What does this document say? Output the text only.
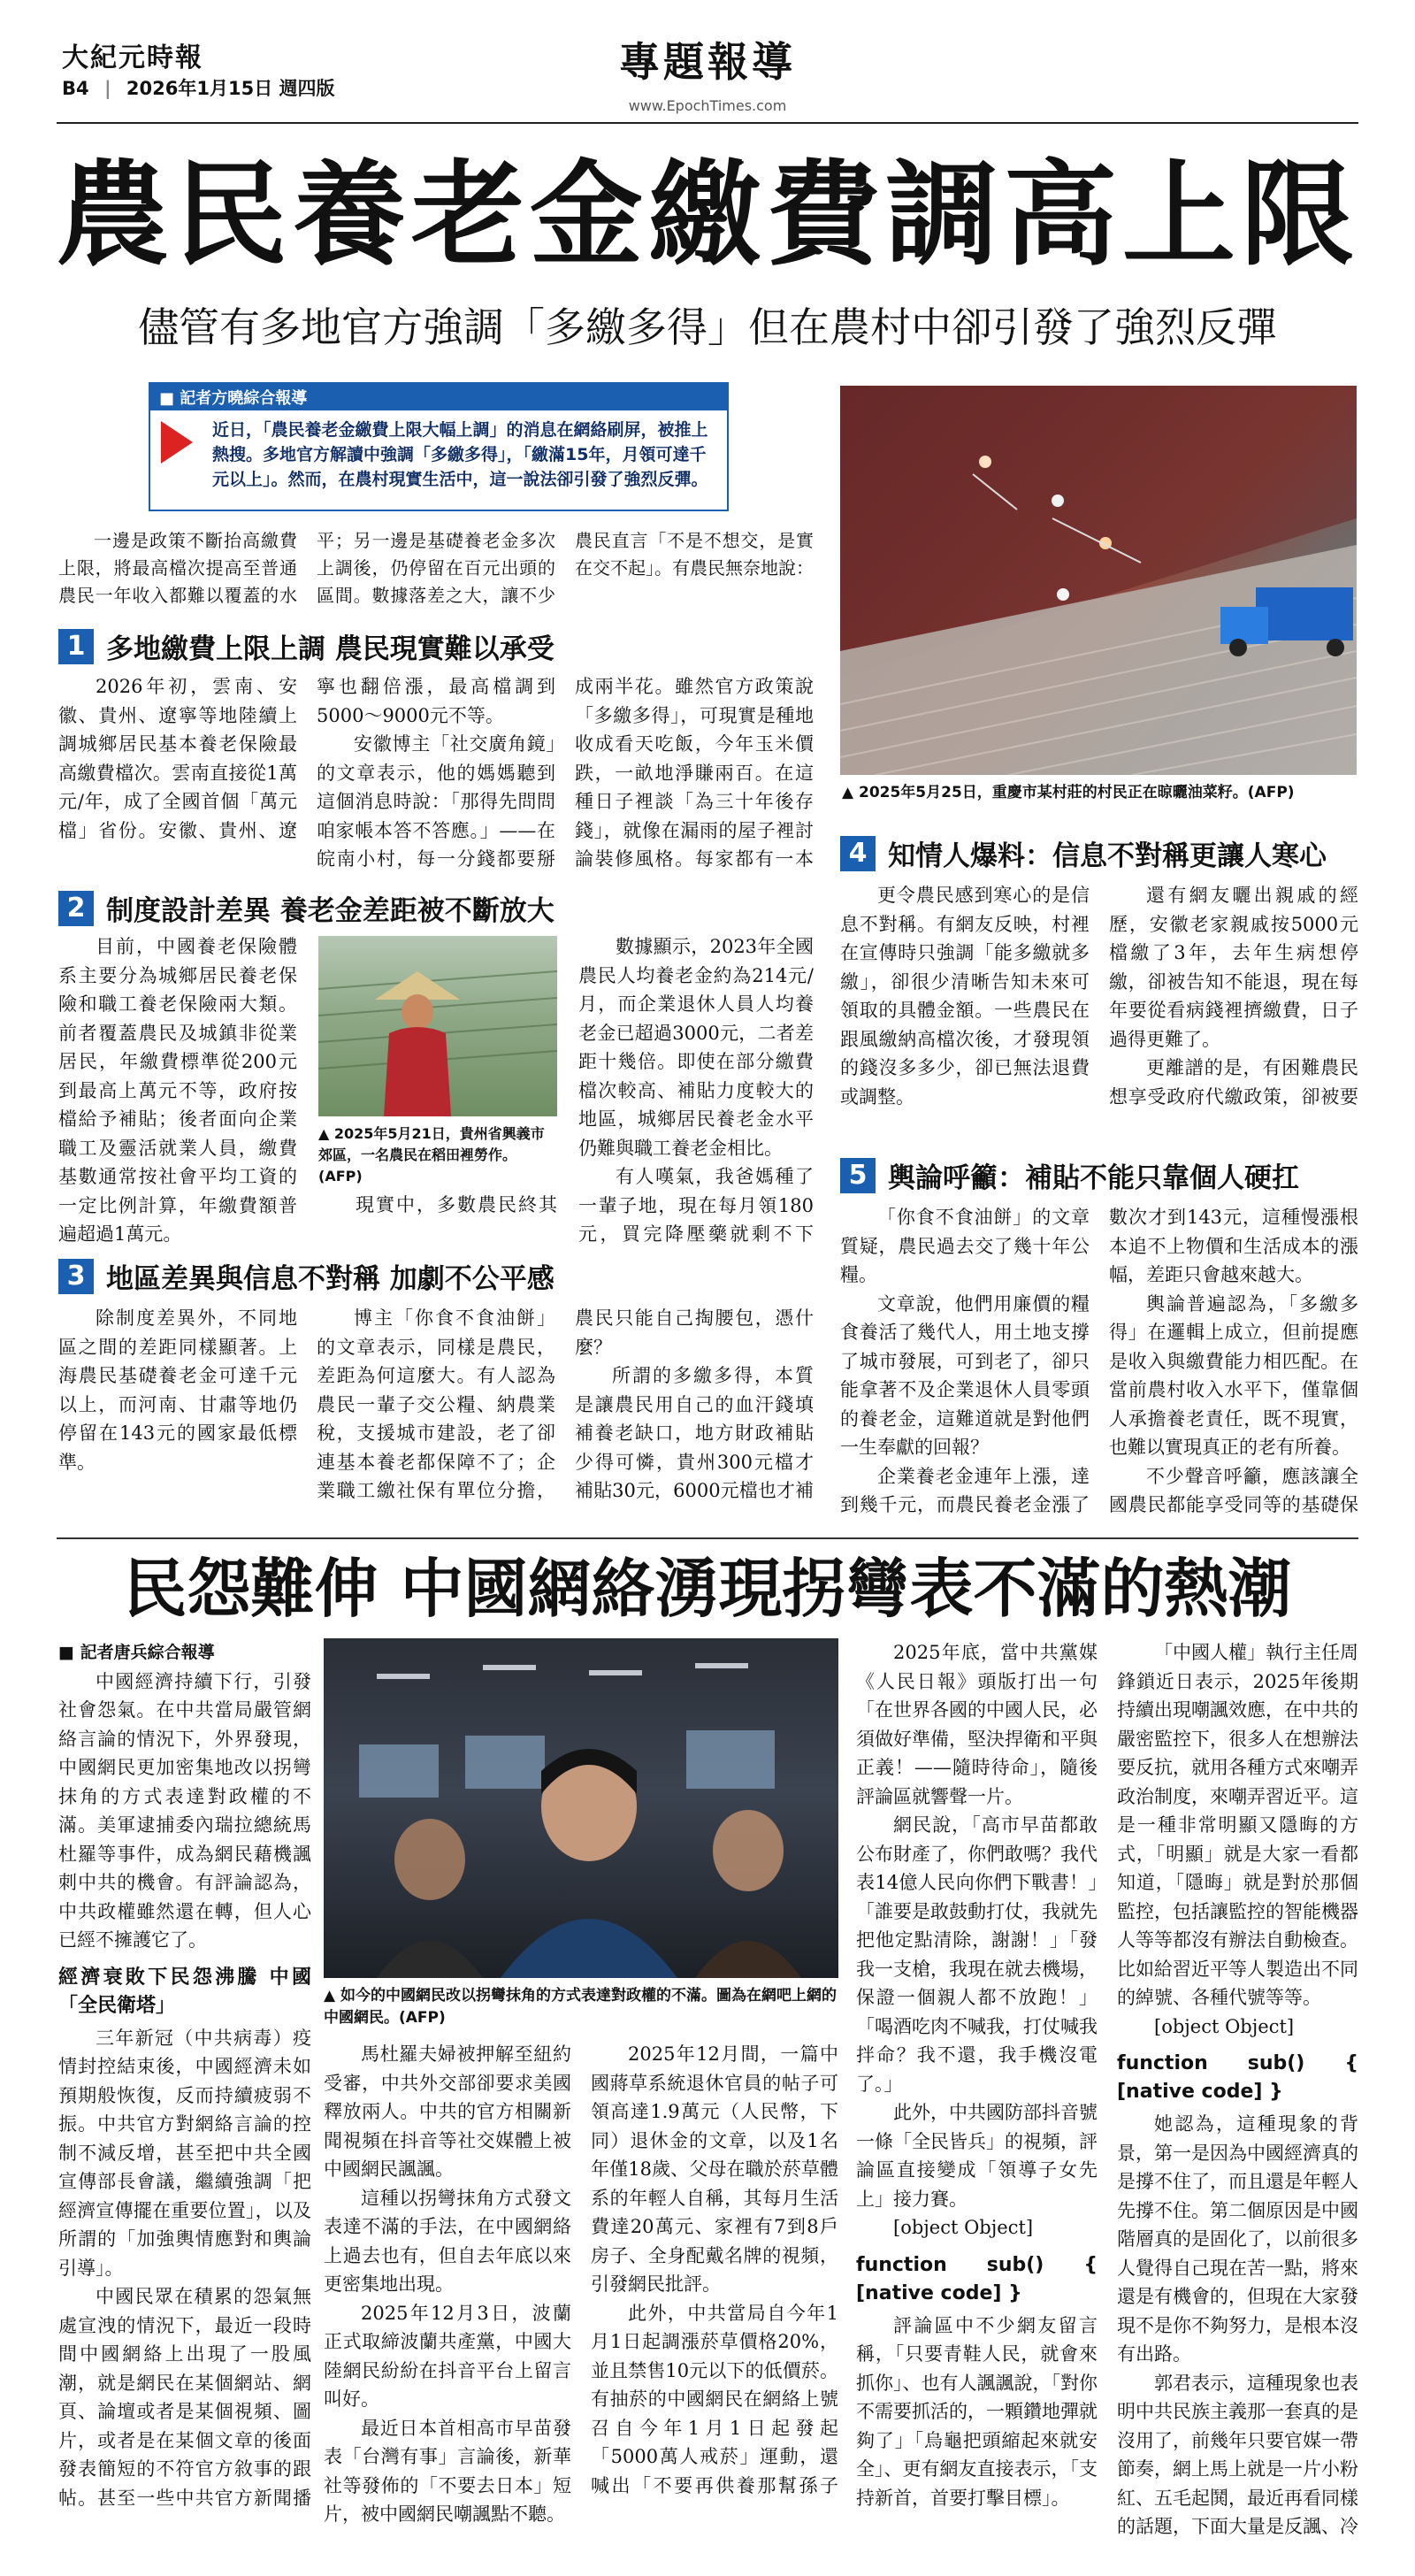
大紀元時報
B4 | 2026年1月15日 週四版
專題報導
www.EpochTimes.com
農民養老金繳費調高上限
儘管有多地官方強調「多繳多得」但在農村中卻引發了強烈反彈
■ 記者方曉綜合報導
近日，「農民養老金繳費上限大幅上調」的消息在網絡刷屏，被推上熱搜。多地官方解讀中強調「多繳多得」，「繳滿15年，月領可達千元以上」。然而，在農村現實生活中，這一說法卻引發了強烈反彈。

一邊是政策不斷抬高繳費上限，將最高檔次提高至普通農民一年收入都難以覆蓋的水平；另一邊是基礎養老金多次上調後，仍停留在百元出頭的區間。數據落差之大，讓不少農民直言「不是不想交，是實在交不起」。有農民無奈地說：

▲ 2025年5月25日，重慶市某村莊的村民正在晾曬油菜籽。(AFP)
1 多地繳費上限上調 農民現實難以承受

2026年初，雲南、安徽、貴州、遼寧等地陸續上調城鄉居民基本養老保險最高繳費檔次。雲南直接從1萬元/年，成了全國首個「萬元檔」省份。安徽、貴州、遼寧也翻倍漲，最高檔調到5000～9000元不等。

安徽博主「社交廣角鏡」的文章表示，他的媽媽聽到這個消息時說：「那得先問問咱家帳本答不答應。」——在皖南小村，每一分錢都要掰成兩半花。雖然官方政策說「多繳多得」，可現實是種地收成看天吃飯，今年玉米價跌，一畝地淨賺兩百。在這種日子裡談「為三十年後存錢」，就像在漏雨的屋子裡討論裝修風格。每家都有一本

2 制度設計差異 養老金差距被不斷放大

目前，中國養老保險體系主要分為城鄉居民養老保險和職工養老保險兩大類。前者覆蓋農民及城鎮非從業居民，年繳費標準從200元到最高上萬元不等，政府按檔給予補貼；後者面向企業職工及靈活就業人員，繳費基數通常按社會平均工資的一定比例計算，年繳費額普遍超過1萬元。

▲ 2025年5月21日，貴州省興義市郊區，一名農民在稻田裡勞作。(AFP)

現實中，多數農民終其

數據顯示，2023年全國農民人均養老金約為214元/月，而企業退休人員人均養老金已超過3000元，二者差距十幾倍。即使在部分繳費檔次較高、補貼力度較大的地區，城鄉居民養老金水平仍難與職工養老金相比。

有人嘆氣，我爸媽種了一輩子地，現在每月領180元，買完降壓藥就剩不下

3 地區差異與信息不對稱 加劇不公平感

除制度差異外，不同地區之間的差距同樣顯著。上海農民基礎養老金可達千元以上，而河南、甘肅等地仍停留在143元的國家最低標準。

博主「你食不食油餅」的文章表示，同樣是農民，差距為何這麼大。有人認為農民一輩子交公糧、納農業稅，支援城市建設，老了卻連基本養老都保障不了；企業職工繳社保有單位分擔，農民只能自己掏腰包，憑什麼？

所謂的多繳多得，本質是讓農民用自己的血汗錢填補養老缺口，地方財政補貼少得可憐，貴州300元檔才補貼30元，6000元檔也才補

4 知情人爆料：信息不對稱更讓人寒心

更令農民感到寒心的是信息不對稱。有網友反映，村裡在宣傳時只強調「能多繳就多繳」，卻很少清晰告知未來可領取的具體金額。一些農民在跟風繳納高檔次後，才發現領的錢沒多多少，卻已無法退費或調整。

還有網友曬出親戚的經歷，安徽老家親戚按5000元檔繳了3年，去年生病想停繳，卻被告知不能退，現在每年要從看病錢裡擠繳費，日子過得更難了。

更離譜的是，有困難農民想享受政府代繳政策，卻被要

5 輿論呼籲：補貼不能只靠個人硬扛

「你食不食油餅」的文章質疑，農民過去交了幾十年公糧。

文章說，他們用廉價的糧食養活了幾代人，用土地支撐了城市發展，可到老了，卻只能拿著不及企業退休人員零頭的養老金，這難道就是對他們一生奉獻的回報？

企業養老金連年上漲，達到幾千元，而農民養老金漲了數次才到143元，這種慢漲根本追不上物價和生活成本的漲幅，差距只會越來越大。

輿論普遍認為，「多繳多得」在邏輯上成立，但前提應是收入與繳費能力相匹配。在當前農村收入水平下，僅靠個人承擔養老責任，既不現實，也難以實現真正的老有所養。

不少聲音呼籲，應該讓全國農民都能享受同等的基礎保

民怨難伸 中國網絡湧現拐彎表不滿的熱潮

■ 記者唐兵綜合報導

中國經濟持續下行，引發社會怨氣。在中共當局嚴管網絡言論的情況下，外界發現，中國網民更加密集地改以拐彎抹角的方式表達對政權的不滿。美軍逮捕委內瑞拉總統馬杜羅等事件，成為網民藉機諷刺中共的機會。有評論認為，中共政權雖然還在轉，但人心已經不擁護它了。

經濟衰敗下民怨沸騰 中國「全民衛塔」

三年新冠（中共病毒）疫情封控結束後，中國經濟未如預期般恢復，反而持續疲弱不振。中共官方對網絡言論的控制不減反增，甚至把中共全國宣傳部長會議，繼續強調「把經濟宣傳擺在重要位置」，以及所謂的「加強輿情應對和輿論引導」。

中國民眾在積累的怨氣無處宣洩的情況下，最近一段時間中國網絡上出現了一股風潮，就是網民在某個網站、網頁、論壇或者是某個視頻、圖片，或者是在某個文章的後面發表簡短的不符官方敘事的跟帖。甚至一些中共官方新聞播

▲ 如今的中國網民改以拐彎抹角的方式表達對政權的不滿。圖為在網吧上網的中國網民。(AFP)

馬杜羅夫婦被押解至紐約受審，中共外交部卻要求美國釋放兩人。中共的官方相關新聞視頻在抖音等社交媒體上被中國網民諷諷。

這種以拐彎抹角方式發文表達不滿的手法，在中國網絡上過去也有，但自去年底以來更密集地出現。

2025年12月3日，波蘭正式取締波蘭共產黨，中國大陸網民紛紛在抖音平台上留言叫好。

最近日本首相高市早苗發表「台灣有事」言論後，新華社等發佈的「不要去日本」短片，被中國網民嘲諷點不聽。

2025年12月間，一篇中國蔣草系統退休官員的帖子可領高達1.9萬元（人民幣，下同）退休金的文章，以及1名年僅18歲、父母在職於菸草體系的年輕人自稱，其每月生活費達20萬元、家裡有7到8戶房子、全身配戴名牌的視頻，引發網民批評。

此外，中共當局自今年1月1日起調漲菸草價格20%，並且禁售10元以下的低價菸。有抽菸的中國網民在網絡上號召自今年1月1日起發起「5000萬人戒菸」運動，還喊出「不要再供養那幫孫子

2025年底，當中共黨媒《人民日報》頭版打出一句「在世界各國的中國人民，必須做好準備，堅決捍衛和平與正義！——隨時待命」，隨後評論區就響聲一片。

網民說，「高市早苗都敢公布財產了，你們敢嗎？我代表14億人民向你們下戰書！」「誰要是敢鼓動打仗，我就先把他定點清除，謝謝！」「發我一支槍，我現在就去機場，保證一個親人都不放跑！」「喝酒吃肉不喊我，打仗喊我拌命？我不還，我手機沒電了。」

此外，中共國防部抖音號一條「全民皆兵」的視頻，評論區直接變成「領導子女先上」接力賽。

[object Object]

function sub() { [native code] }

評論區中不少網友留言稱，「只要青鞋人民，就會來抓你」、也有人諷諷說，「對你不需要抓活的，一顆鑽地彈就夠了」「烏龜把頭縮起來就安全」、更有網友直接表示，「支持新首，首要打擊目標」。

「中國人權」執行主任周鋒鎖近日表示，2025年後期持續出現嘲諷效應，在中共的嚴密監控下，很多人在想辦法要反抗，就用各種方式來嘲弄政治制度，來嘲弄習近平。這是一種非常明顯又隱晦的方式，「明顯」就是大家一看都知道，「隱晦」就是對於那個監控，包括讓監控的智能機器人等等都沒有辦法自動檢查。比如給習近平等人製造出不同的綽號、各種代號等等。

[object Object]

function sub() { [native code] }

她認為，這種現象的背景，第一是因為中國經濟真的是撐不住了，而且還是年輕人先撐不住。第二個原因是中國階層真的是固化了，以前很多人覺得自己現在苦一點，將來還是有機會的，但現在大家發現不是你不夠努力，是根本沒有出路。

郭君表示，這種現象也表明中共民族主義那一套真的是沒用了，前幾年只要官媒一帶節奏，網上馬上就是一片小粉紅、五毛起鬨，最近再看同樣的話題，下面大量是反諷、冷
